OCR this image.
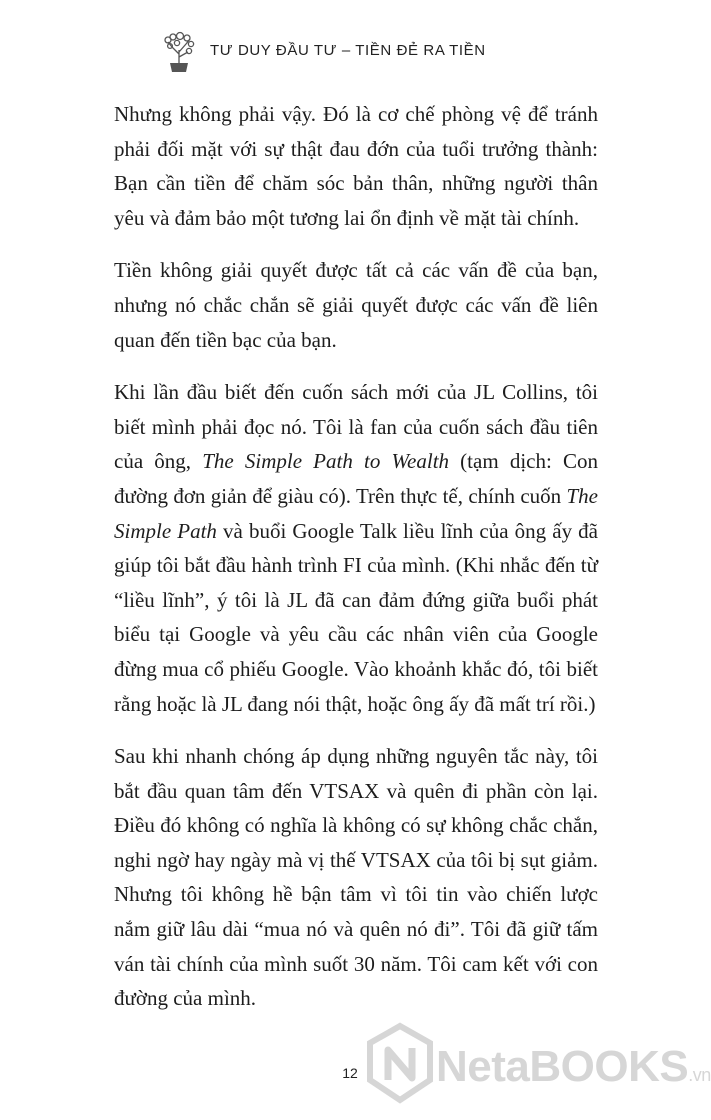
TƯ DUY ĐẦU TƯ – TIỀN ĐẺ RA TIỀN

Nhưng không phải vậy. Đó là cơ chế phòng vệ để tránh phải đối mặt với sự thật đau đớn của tuổi trưởng thành: Bạn cần tiền để chăm sóc bản thân, những người thân yêu và đảm bảo một tương lai ổn định về mặt tài chính.

Tiền không giải quyết được tất cả các vấn đề của bạn, nhưng nó chắc chắn sẽ giải quyết được các vấn đề liên quan đến tiền bạc của bạn.

Khi lần đầu biết đến cuốn sách mới của JL Collins, tôi biết mình phải đọc nó. Tôi là fan của cuốn sách đầu tiên của ông, The Simple Path to Wealth (tạm dịch: Con đường đơn giản để giàu có). Trên thực tế, chính cuốn The Simple Path và buổi Google Talk liều lĩnh của ông ấy đã giúp tôi bắt đầu hành trình FI của mình. (Khi nhắc đến từ “liều lĩnh”, ý tôi là JL đã can đảm đứng giữa buổi phát biểu tại Google và yêu cầu các nhân viên của Google đừng mua cổ phiếu Google. Vào khoảnh khắc đó, tôi biết rằng hoặc là JL đang nói thật, hoặc ông ấy đã mất trí rồi.)

Sau khi nhanh chóng áp dụng những nguyên tắc này, tôi bắt đầu quan tâm đến VTSAX và quên đi phần còn lại. Điều đó không có nghĩa là không có sự không chắc chắn, nghi ngờ hay ngày mà vị thế VTSAX của tôi bị sụt giảm. Nhưng tôi không hề bận tâm vì tôi tin vào chiến lược nắm giữ lâu dài “mua nó và quên nó đi”. Tôi đã giữ tấm ván tài chính của mình suốt 30 năm. Tôi cam kết với con đường của mình.

12	NetaBOOKS.vn
